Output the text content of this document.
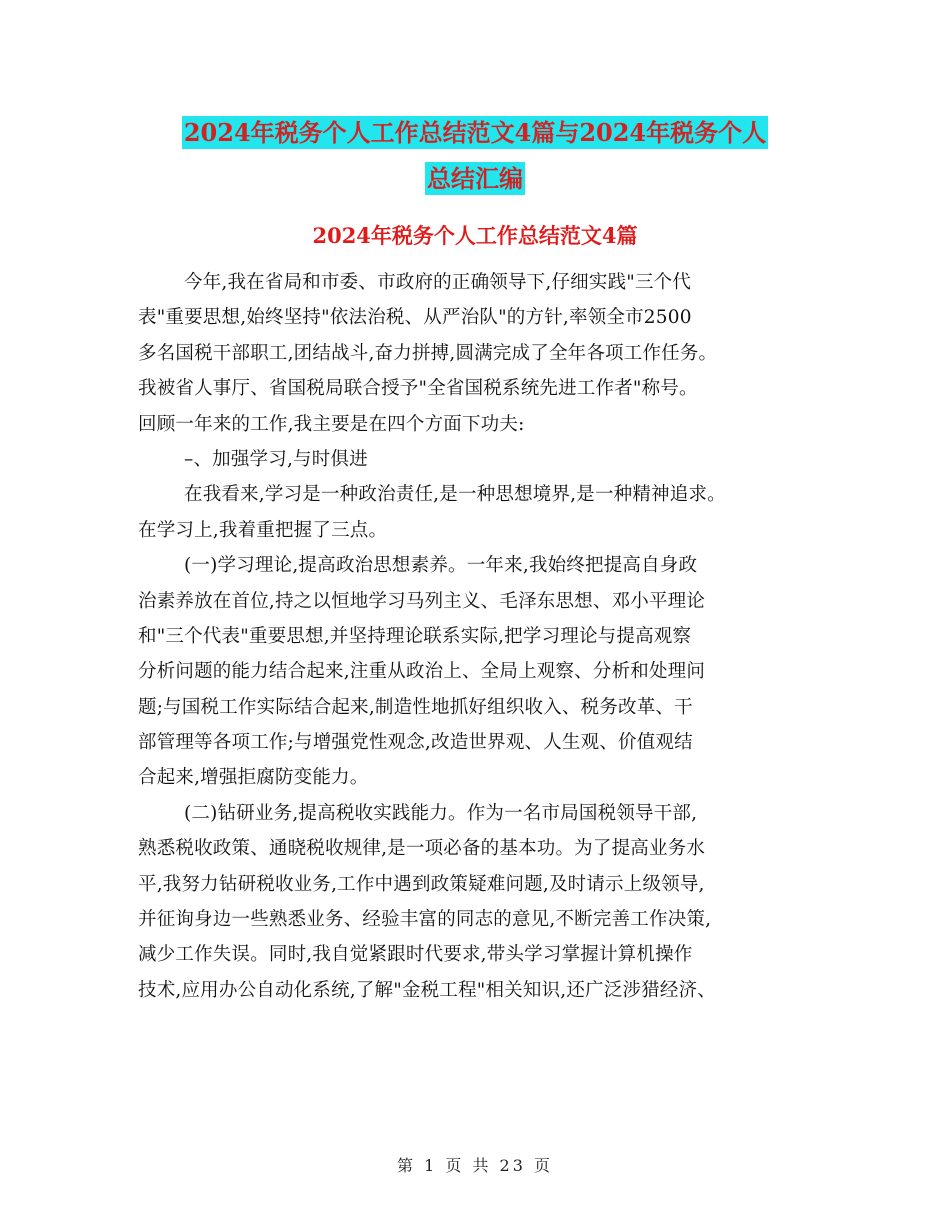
2024年税务个人工作总结范文4篇与2024年税务个人
总结汇编
2024年税务个人工作总结范文4篇
今年,我在省局和市委、市政府的正确领导下,仔细实践"三个代
表"重要思想,始终坚持"依法治税、从严治队"的方针,率领全市2500
多名国税干部职工,团结战斗,奋力拼搏,圆满完成了全年各项工作任务。
我被省人事厅、省国税局联合授予"全省国税系统先进工作者"称号。
回顾一年来的工作,我主要是在四个方面下功夫:
–、加强学习,与时俱进
在我看来,学习是一种政治责任,是一种思想境界,是一种精神追求。
在学习上,我着重把握了三点。
(一)学习理论,提高政治思想素养。一年来,我始终把提高自身政
治素养放在首位,持之以恒地学习马列主义、毛泽东思想、邓小平理论
和"三个代表"重要思想,并坚持理论联系实际,把学习理论与提高观察
分析问题的能力结合起来,注重从政治上、全局上观察、分析和处理问
题;与国税工作实际结合起来,制造性地抓好组织收入、税务改革、干
部管理等各项工作;与增强党性观念,改造世界观、人生观、价值观结
合起来,增强拒腐防变能力。
(二)钻研业务,提高税收实践能力。作为一名市局国税领导干部,
熟悉税收政策、通晓税收规律,是一项必备的基本功。为了提高业务水
平,我努力钻研税收业务,工作中遇到政策疑难问题,及时请示上级领导,
并征询身边一些熟悉业务、经验丰富的同志的意见,不断完善工作决策,
减少工作失误。同时,我自觉紧跟时代要求,带头学习掌握计算机操作
技术,应用办公自动化系统,了解"金税工程"相关知识,还广泛涉猎经济、
第 1 页 共 23 页
